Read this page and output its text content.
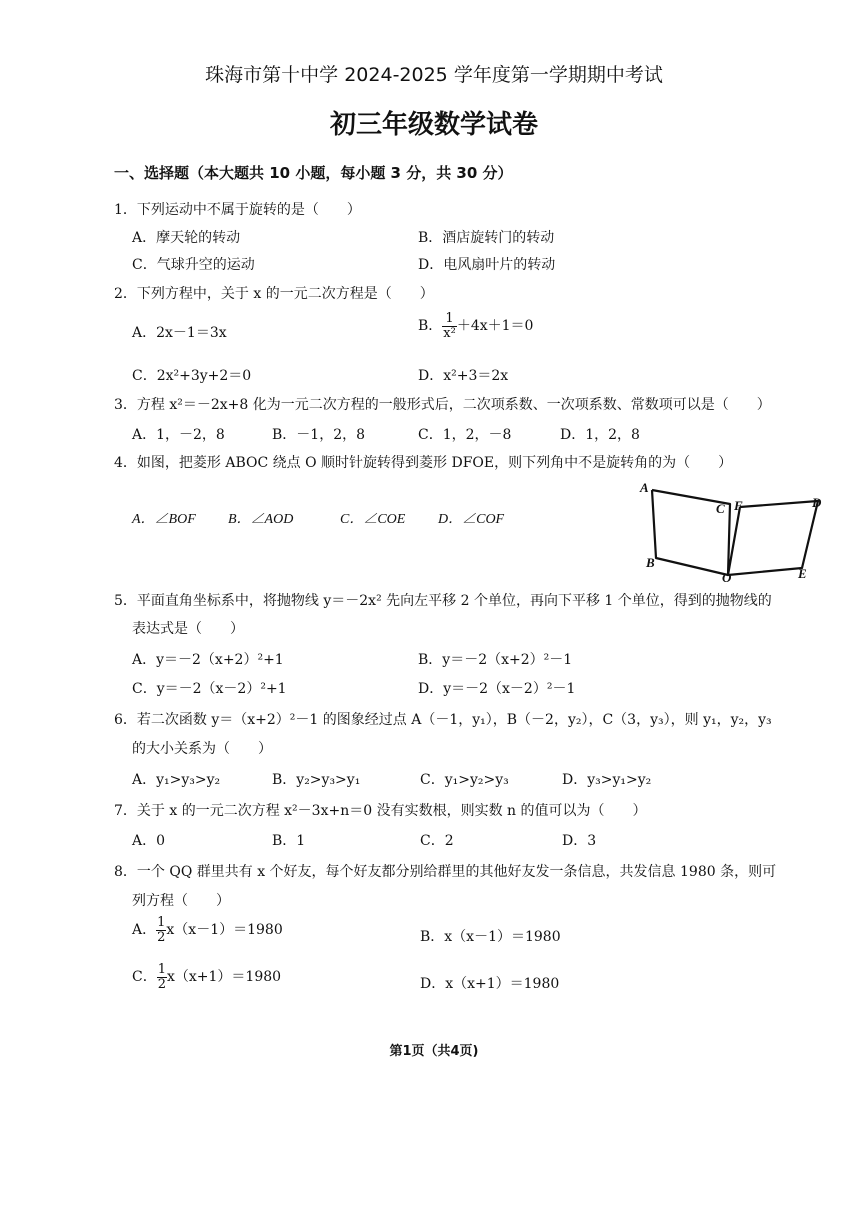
珠海市第十中学 2024-2025 学年度第一学期期中考试
初三年级数学试卷
一、选择题（本大题共 10 小题，每小题 3 分，共 30 分）
1．下列运动中不属于旋转的是（　　）
A．摩天轮的转动	B．酒店旋转门的转动
C．气球升空的运动	D．电风扇叶片的转动
2．下列方程中，关于 x 的一元二次方程是（　　）
A．2x－1＝3x	B． $\frac{1}{\text{x²}} +4x+1=0$
C．2x²+3y+2＝0	D．x²+3＝2x
3．方程 x²＝－2x+8 化为一元二次方程的一般形式后，二次项系数、一次项系数、常数项可以是（　　）
A．1，－2，8	B．－1，2，8	C．1，2，－8	D．1，2，8
4．如图，把菱形 ABOC 绕点 O 顺时针旋转得到菱形 DFOE，则下列角中不是旋转角的为（　　）
A．∠BOF B．∠AOD	C．∠COE D．∠COF
A
B
C F	D
O	E
5．平面直角坐标系中，将抛物线 y＝－2x² 先向左平移 2 个单位，再向下平移 1 个单位，得到的抛物线的
表达式是（　　）
A．y＝－2（x+2）²+1	B．y＝－2（x+2）²－1
C．y＝－2（x－2）²+1	D．y＝－2（x－2）²－1
6．若二次函数 y＝（x+2）²－1 的图象经过点 A（－1，y₁），B（－2，y₂），C（3，y₃），则 y₁，y₂，y₃
的大小关系为（　　）
A．y₁>y₃>y₂	B．y₂>y₃>y₁	C．y₁>y₂>y₃	D．y₃>y₁>y₂
7．关于 x 的一元二次方程 x²－3x+n＝0 没有实数根，则实数 n 的值可以为（　　）
A．0	B．1	C．2	D．3
8．一个 QQ 群里共有 x 个好友，每个好友都分别给群里的其他好友发一条信息，共发信息 1980 条，则可
列方程（　　）
A． $\frac{1}{2} x(x-1)=1980$	B．x（x－1）＝1980
C． $\frac{1}{2} x(x+1)=1980$	D．x（x+1）＝1980
第1页（共4页)
